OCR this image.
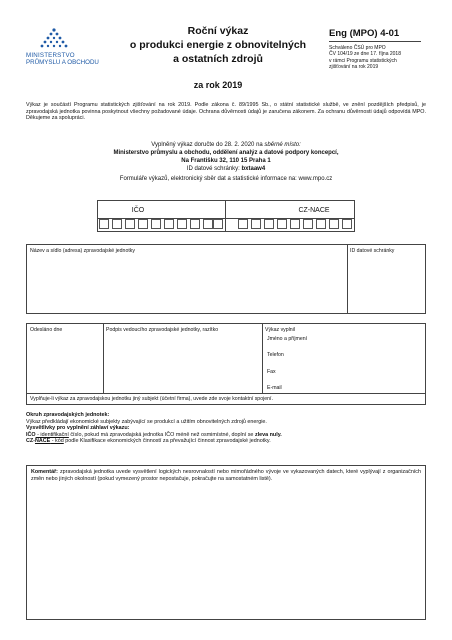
MINISTERSTVO
PRŮMYSLU A OBCHODU
Roční výkaz
o produkci energie z obnovitelných
a ostatních zdrojů
za rok 2019
Eng (MPO) 4-01
Schváleno ČSÚ pro MPO
ČV 104/19 ze dne 17. října 2018
v rámci Programu statistických
zjišťování na rok 2019
Výkaz je součástí Programu statistických zjišťování na rok 2019. Podle zákona č. 89/1995 Sb., o státní statistické službě, ve znění pozdějších předpisů, je zpravodajská jednotka povinna poskytnout všechny požadované údaje. Ochrana důvěrnosti údajů je zaručena zákonem. Za ochranu důvěrnosti údajů odpovídá MPO. Děkujeme za spolupráci.
Vyplněný výkaz doručte do 28. 2. 2020 na sběrné místo:
Ministerstvo průmyslu a obchodu, oddělení analýz a datové podpory koncepcí,
Na Františku 32, 110 15 Praha 1
ID datové schránky: bxtaaw4
Formuláře výkazů, elektronický sběr dat a statistické informace na: www.mpo.cz
IČO	CZ-NACE
Název a sídlo (adresa) zpravodajské jednotky	ID datové schránky
Odesláno dne	Podpis vedoucího zpravodajské jednotky, razítko	Výkaz vyplnil
Jméno a příjmení
Telefon
Fax
E-mail
Vyplňuje-li výkaz za zpravodajskou jednotku jiný subjekt (účetní firma), uvede zde svoje kontaktní spojení.
Okruh zpravodajských jednotek:
Výkaz předkládají ekonomické subjekty zabývající se produkcí a užitím obnovitelných zdrojů energie.
Vysvětlivky pro vyplnění záhlaví výkazu:
IČO - identifikační číslo, pokud má zpravodajská jednotka IČO méně než osmimístné, doplní se zleva nuly.
CZ-NACE - kód podle Klasifikace ekonomických činností za převažující činnost zpravodajské jednotky.
Komentář: zpravodajská jednotka uvede vysvětlení logických nesrovnalostí nebo mimořádného vývoje ve vykazovaných datech, které vyplývají z organizačních změn nebo jiných okolností (pokud vymezený prostor nepostačuje, pokračujte na samostatném listě).
